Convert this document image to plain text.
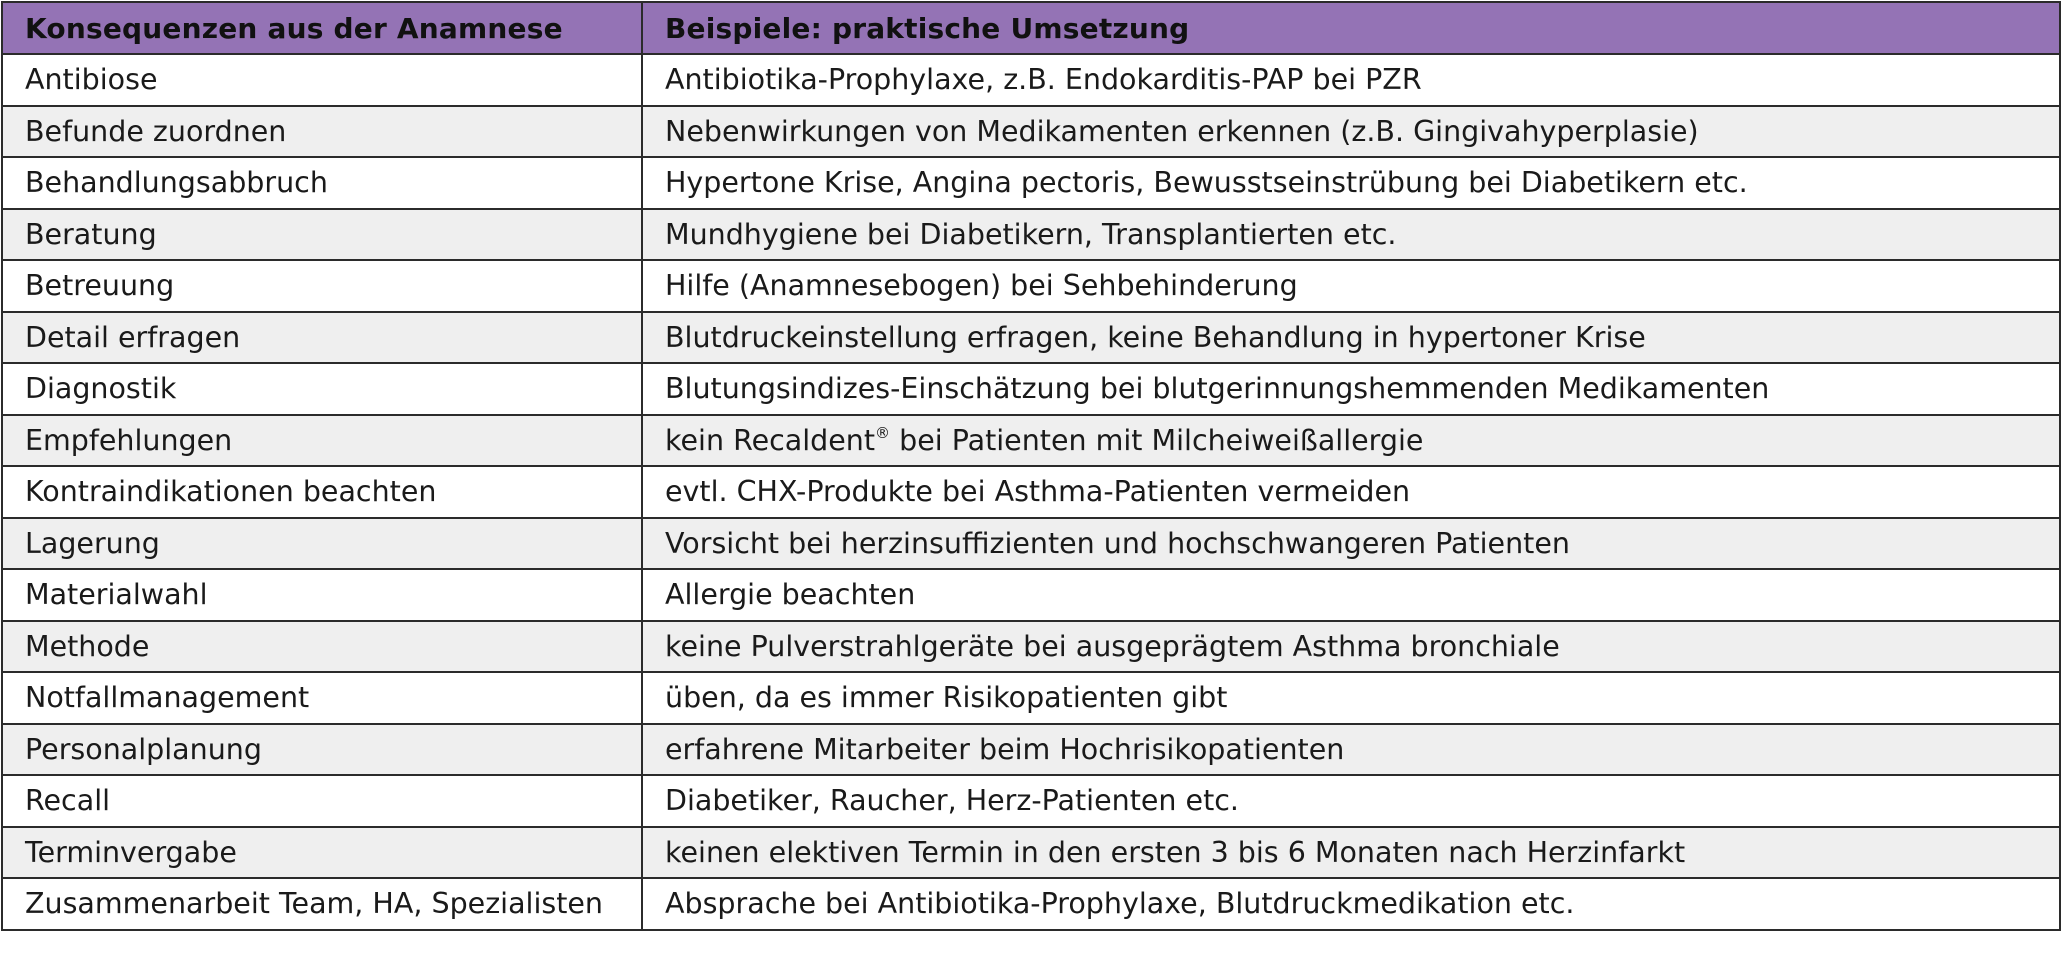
Konsequenzen aus der Anamnese	Beispiele: praktische Umsetzung
Antibiose	Antibiotika-Prophylaxe, z.B. Endokarditis-PAP bei PZR
Befunde zuordnen	Nebenwirkungen von Medikamenten erkennen (z.B. Gingivahyperplasie)
Behandlungsabbruch	Hypertone Krise, Angina pectoris, Bewusstseinstrübung bei Diabetikern etc.
Beratung	Mundhygiene bei Diabetikern, Transplantierten etc.
Betreuung	Hilfe (Anamnesebogen) bei Sehbehinderung
Detail erfragen	Blutdruckeinstellung erfragen, keine Behandlung in hypertoner Krise
Diagnostik	Blutungsindizes-Einschätzung bei blutgerinnungshemmenden Medikamenten
Empfehlungen	kein Recaldent® bei Patienten mit Milcheiweißallergie
Kontraindikationen beachten	evtl. CHX-Produkte bei Asthma-Patienten vermeiden
Lagerung	Vorsicht bei herzinsuffizienten und hochschwangeren Patienten
Materialwahl	Allergie beachten
Methode	keine Pulverstrahlgeräte bei ausgeprägtem Asthma bronchiale
Notfallmanagement	üben, da es immer Risikopatienten gibt
Personalplanung	erfahrene Mitarbeiter beim Hochrisikopatienten
Recall	Diabetiker, Raucher, Herz-Patienten etc.
Terminvergabe	keinen elektiven Termin in den ersten 3 bis 6 Monaten nach Herzinfarkt
Zusammenarbeit Team, HA, Spezialisten	Absprache bei Antibiotika-Prophylaxe, Blutdruckmedikation etc.
